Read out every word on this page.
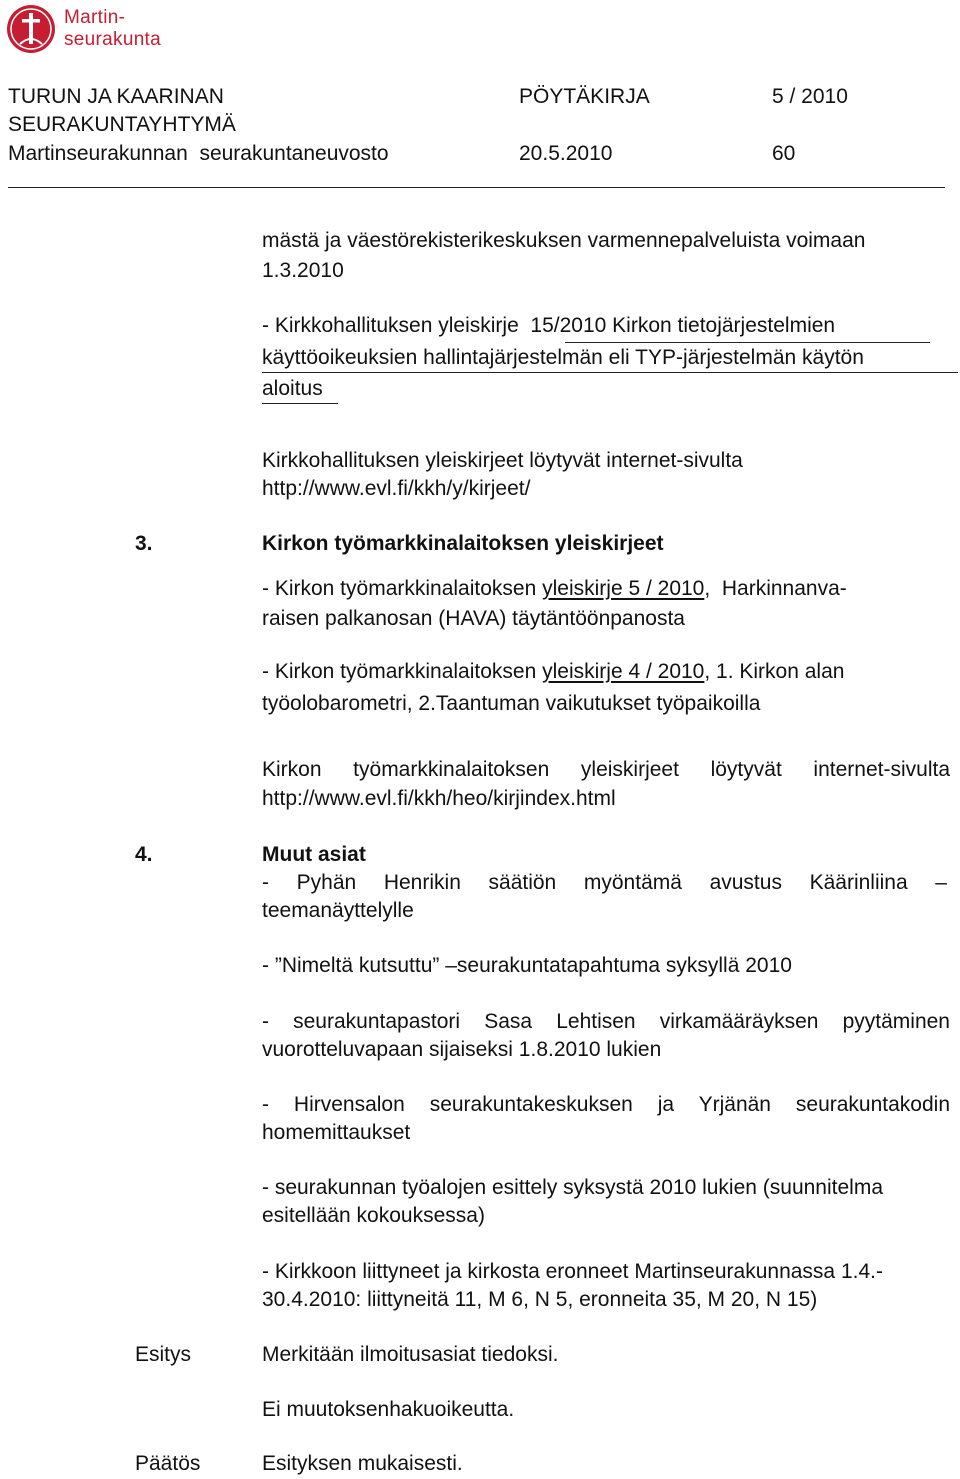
Martin-
seurakunta
TURUN JA KAARINAN
SEURAKUNTAYHTYMÄ
PÖYTÄKIRJA	5 / 2010
Martinseurakunnan  seurakuntaneuvosto	20.5.2010	60
mästä ja väestörekisterikeskuksen varmennepalveluista voimaan
1.3.2010
- Kirkkohallituksen yleiskirje  15/2010 Kirkon tietojärjestelmien
käyttöoikeuksien hallintajärjestelmän eli TYP-järjestelmän käytön
aloitus
Kirkkohallituksen yleiskirjeet löytyvät internet-sivulta
http://www.evl.fi/kkh/y/kirjeet/
3.	Kirkon työmarkkinalaitoksen yleiskirjeet
- Kirkon työmarkkinalaitoksen yleiskirje 5 / 2010,  Harkinnanva-
raisen palkanosan (HAVA) täytäntöönpanosta
- Kirkon työmarkkinalaitoksen yleiskirje 4 / 2010, 1. Kirkon alan
työolobarometri, 2.Taantuman vaikutukset työpaikoilla
Kirkon työmarkkinalaitoksen yleiskirjeet löytyvät internet-sivulta
http://www.evl.fi/kkh/heo/kirjindex.html
4.	Muut asiat
- Pyhän Henrikin säätiön myöntämä avustus Käärinliina –
teemanäyttelylle
- ”Nimeltä kutsuttu” –seurakuntatapahtuma syksyllä 2010
- seurakuntapastori Sasa Lehtisen virkamääräyksen pyytäminen
vuorotteluvapaan sijaiseksi 1.8.2010 lukien
- Hirvensalon seurakuntakeskuksen ja Yrjänän seurakuntakodin
homemittaukset
- seurakunnan työalojen esittely syksystä 2010 lukien (suunnitelma
esitellään kokouksessa)
- Kirkkoon liittyneet ja kirkosta eronneet Martinseurakunnassa 1.4.-
30.4.2010: liittyneitä 11, M 6, N 5, eronneita 35, M 20, N 15)
Esitys	Merkitään ilmoitusasiat tiedoksi.
Ei muutoksenhakuoikeutta.
Päätös	Esityksen mukaisesti.
